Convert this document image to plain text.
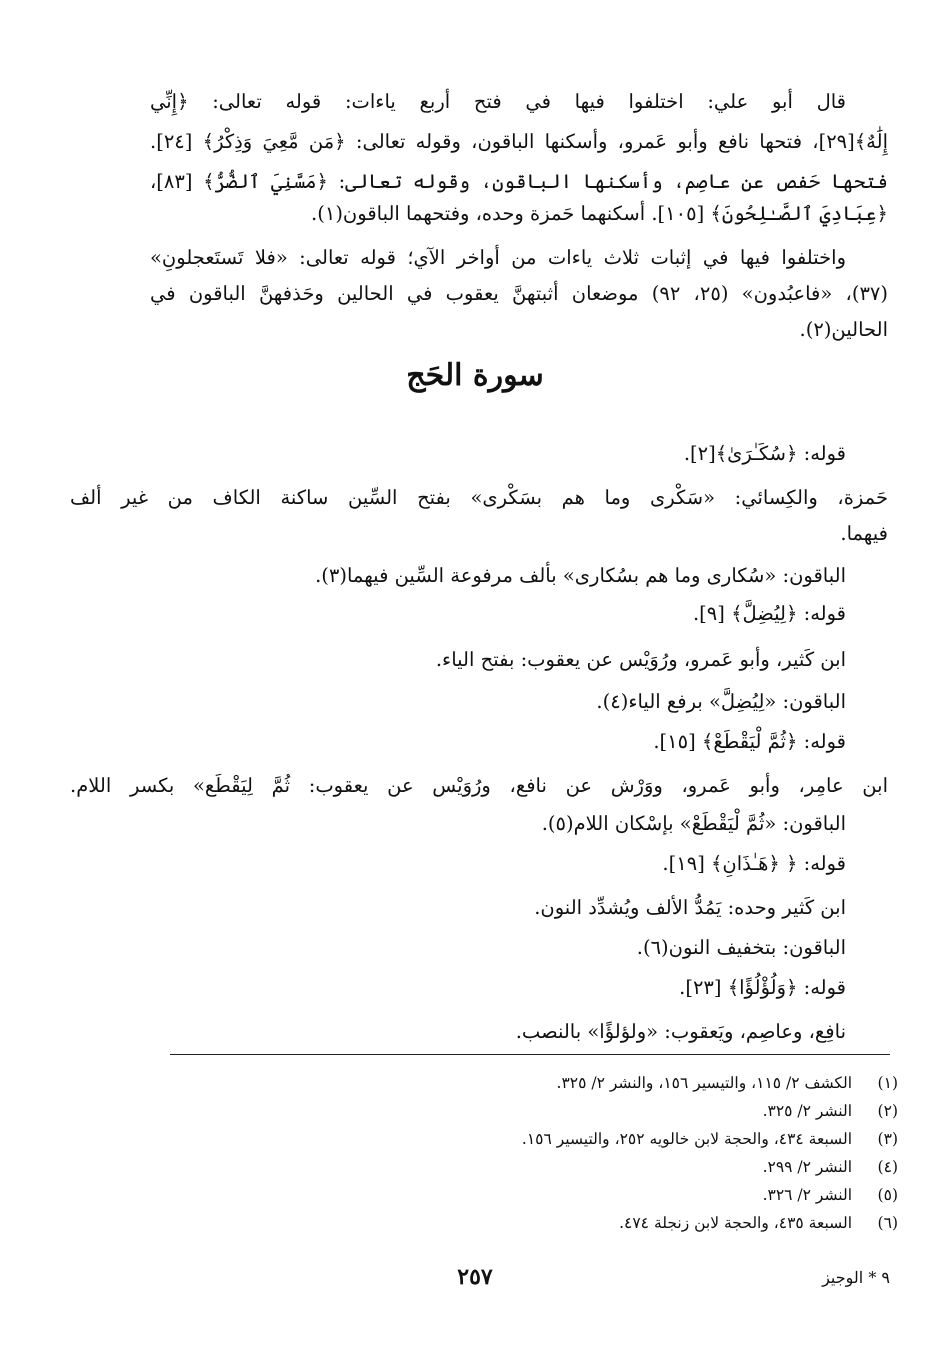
قال أبو علي: اختلفوا فيها في فتح أربع ياءات: قوله تعالى: ﴿إِنِّي
إِلَٰهٌ﴾[٢٩]، فتحها نافع وأبو عَمرو، وأسكنها الباقون، وقوله تعالى: ﴿مَن مَّعِيَ وَذِكْرُ﴾ [٢٤].
فتحها حَفص عن عاصِم، وأسكنها الباقون، وقوله تعالى: ﴿مَسَّنِيَ ٱلضُّرُّ﴾ [٨٣]،
﴿عِبَادِيَ ٱلصَّـٰلِحُونَ﴾ [١٠٥]. أسكنهما حَمزة وحده، وفتحهما الباقون(١).
واختلفوا فيها في إثبات ثلاث ياءات من أواخر الآي؛ قوله تعالى: «فلا تَستَعجلونِ»
(٣٧)، «فاعبُدون» (٢٥، ٩٢) موضعان أثبتهنَّ يعقوب في الحالين وحَذفهنَّ الباقون في
الحالين(٢).
سورة الحَج
قوله: ﴿سُكَـٰرَىٰ﴾[٢].
حَمزة، والكِسائي: «سَكْرى وما هم بسَكْرى» بفتح السِّين ساكنة الكاف من غير ألف
فيهما.
الباقون: «سُكارى وما هم بسُكارى» بألف مرفوعة السِّين فيهما(٣).
قوله: ﴿لِيُضِلَّ﴾ [٩].
ابن كَثير، وأبو عَمرو، ورُوَيْس عن يعقوب: بفتح الياء.
الباقون: «لِيُضِلَّ» برفع الياء(٤).
قوله: ﴿ثُمَّ لْيَقْطَعْ﴾ [١٥].
ابن عامِر، وأبو عَمرو، ووَرْش عن نافع، ورُوَيْس عن يعقوب: ثُمَّ لِيَقْطَع» بكسر اللام.
الباقون: «ثُمَّ لْيَقْطَعْ» بإسْكان اللام(٥).
قوله: ﴿ ﴿هَـٰذَانِ﴾ [١٩].
ابن كَثير وحده: يَمُدُّ الألف ويُشدِّد النون.
الباقون: بتخفيف النون(٦).
قوله: ﴿وَلُؤْلُؤًا﴾ [٢٣].
نافِع، وعاصِم، ويَعقوب: «ولؤلؤًا» بالنصب.
(١)الكشف ٢/ ١١٥، والتيسير ١٥٦، والنشر ٢/ ٣٢٥.
(٢)النشر ٢/ ٣٢٥.
(٣)السبعة ٤٣٤، والحجة لابن خالويه ٢٥٢، والتيسير ١٥٦.
(٤)النشر ٢/ ٢٩٩.
(٥)النشر ٢/ ٣٢٦.
(٦)السبعة ٤٣٥، والحجة لابن زنجلة ٤٧٤.
٢٥٧	٩ ‌* الوجيز
